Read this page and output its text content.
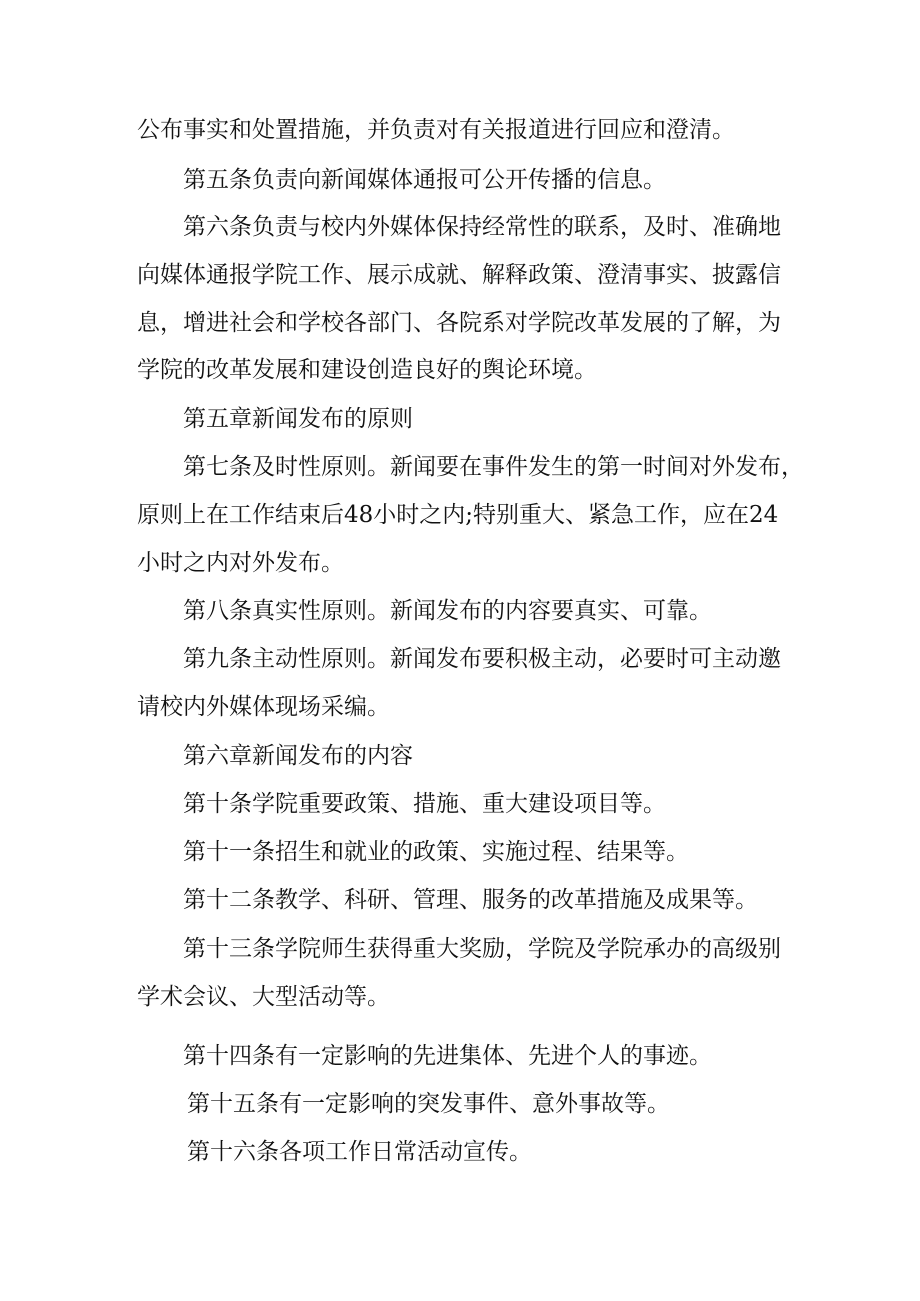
公布事实和处置措施，并负责对有关报道进行回应和澄清。
第五条负责向新闻媒体通报可公开传播的信息。
第六条负责与校内外媒体保持经常性的联系，及时、准确地
向媒体通报学院工作、展示成就、解释政策、澄清事实、披露信
息，增进社会和学校各部门、各院系对学院改革发展的了解，为
学院的改革发展和建设创造良好的舆论环境。
第五章新闻发布的原则
第七条及时性原则。新闻要在事件发生的第一时间对外发布，
原则上在工作结束后48小时之内;特别重大、紧急工作，应在24
小时之内对外发布。
第八条真实性原则。新闻发布的内容要真实、可靠。
第九条主动性原则。新闻发布要积极主动，必要时可主动邀
请校内外媒体现场采编。
第六章新闻发布的内容
第十条学院重要政策、措施、重大建设项目等。
第十一条招生和就业的政策、实施过程、结果等。
第十二条教学、科研、管理、服务的改革措施及成果等。
第十三条学院师生获得重大奖励，学院及学院承办的高级别
学术会议、大型活动等。
第十四条有一定影响的先进集体、先进个人的事迹。
第十五条有一定影响的突发事件、意外事故等。
第十六条各项工作日常活动宣传。
